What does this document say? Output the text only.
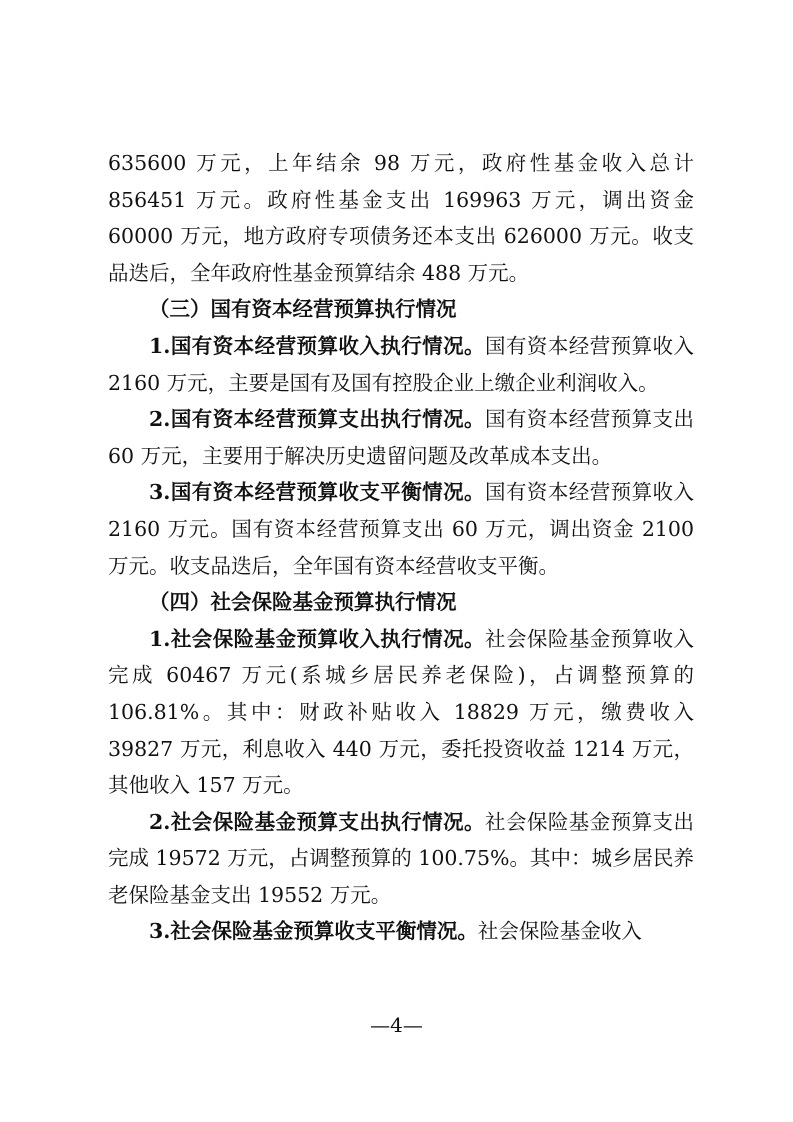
635600 万元，上年结余 98 万元，政府性基金收入总计 856451 万元。政府性基金支出 169963 万元，调出资金 60000 万元，地方政府专项债务还本支出 626000 万元。收支品迭后，全年政府性基金预算结余 488 万元。

（三）国有资本经营预算执行情况

1.国有资本经营预算收入执行情况。国有资本经营预算收入 2160 万元，主要是国有及国有控股企业上缴企业利润收入。

2.国有资本经营预算支出执行情况。国有资本经营预算支出 60 万元，主要用于解决历史遗留问题及改革成本支出。

3.国有资本经营预算收支平衡情况。国有资本经营预算收入 2160 万元。国有资本经营预算支出 60 万元，调出资金 2100 万元。收支品迭后，全年国有资本经营收支平衡。

（四）社会保险基金预算执行情况

1.社会保险基金预算收入执行情况。社会保险基金预算收入完成 60467 万元(系城乡居民养老保险)，占调整预算的 106.81%。其中：财政补贴收入 18829 万元，缴费收入 39827 万元，利息收入 440 万元，委托投资收益 1214 万元，其他收入 157 万元。

2.社会保险基金预算支出执行情况。社会保险基金预算支出完成 19572 万元，占调整预算的 100.75%。其中：城乡居民养老保险基金支出 19552 万元。

3.社会保险基金预算收支平衡情况。社会保险基金收入

—4—
